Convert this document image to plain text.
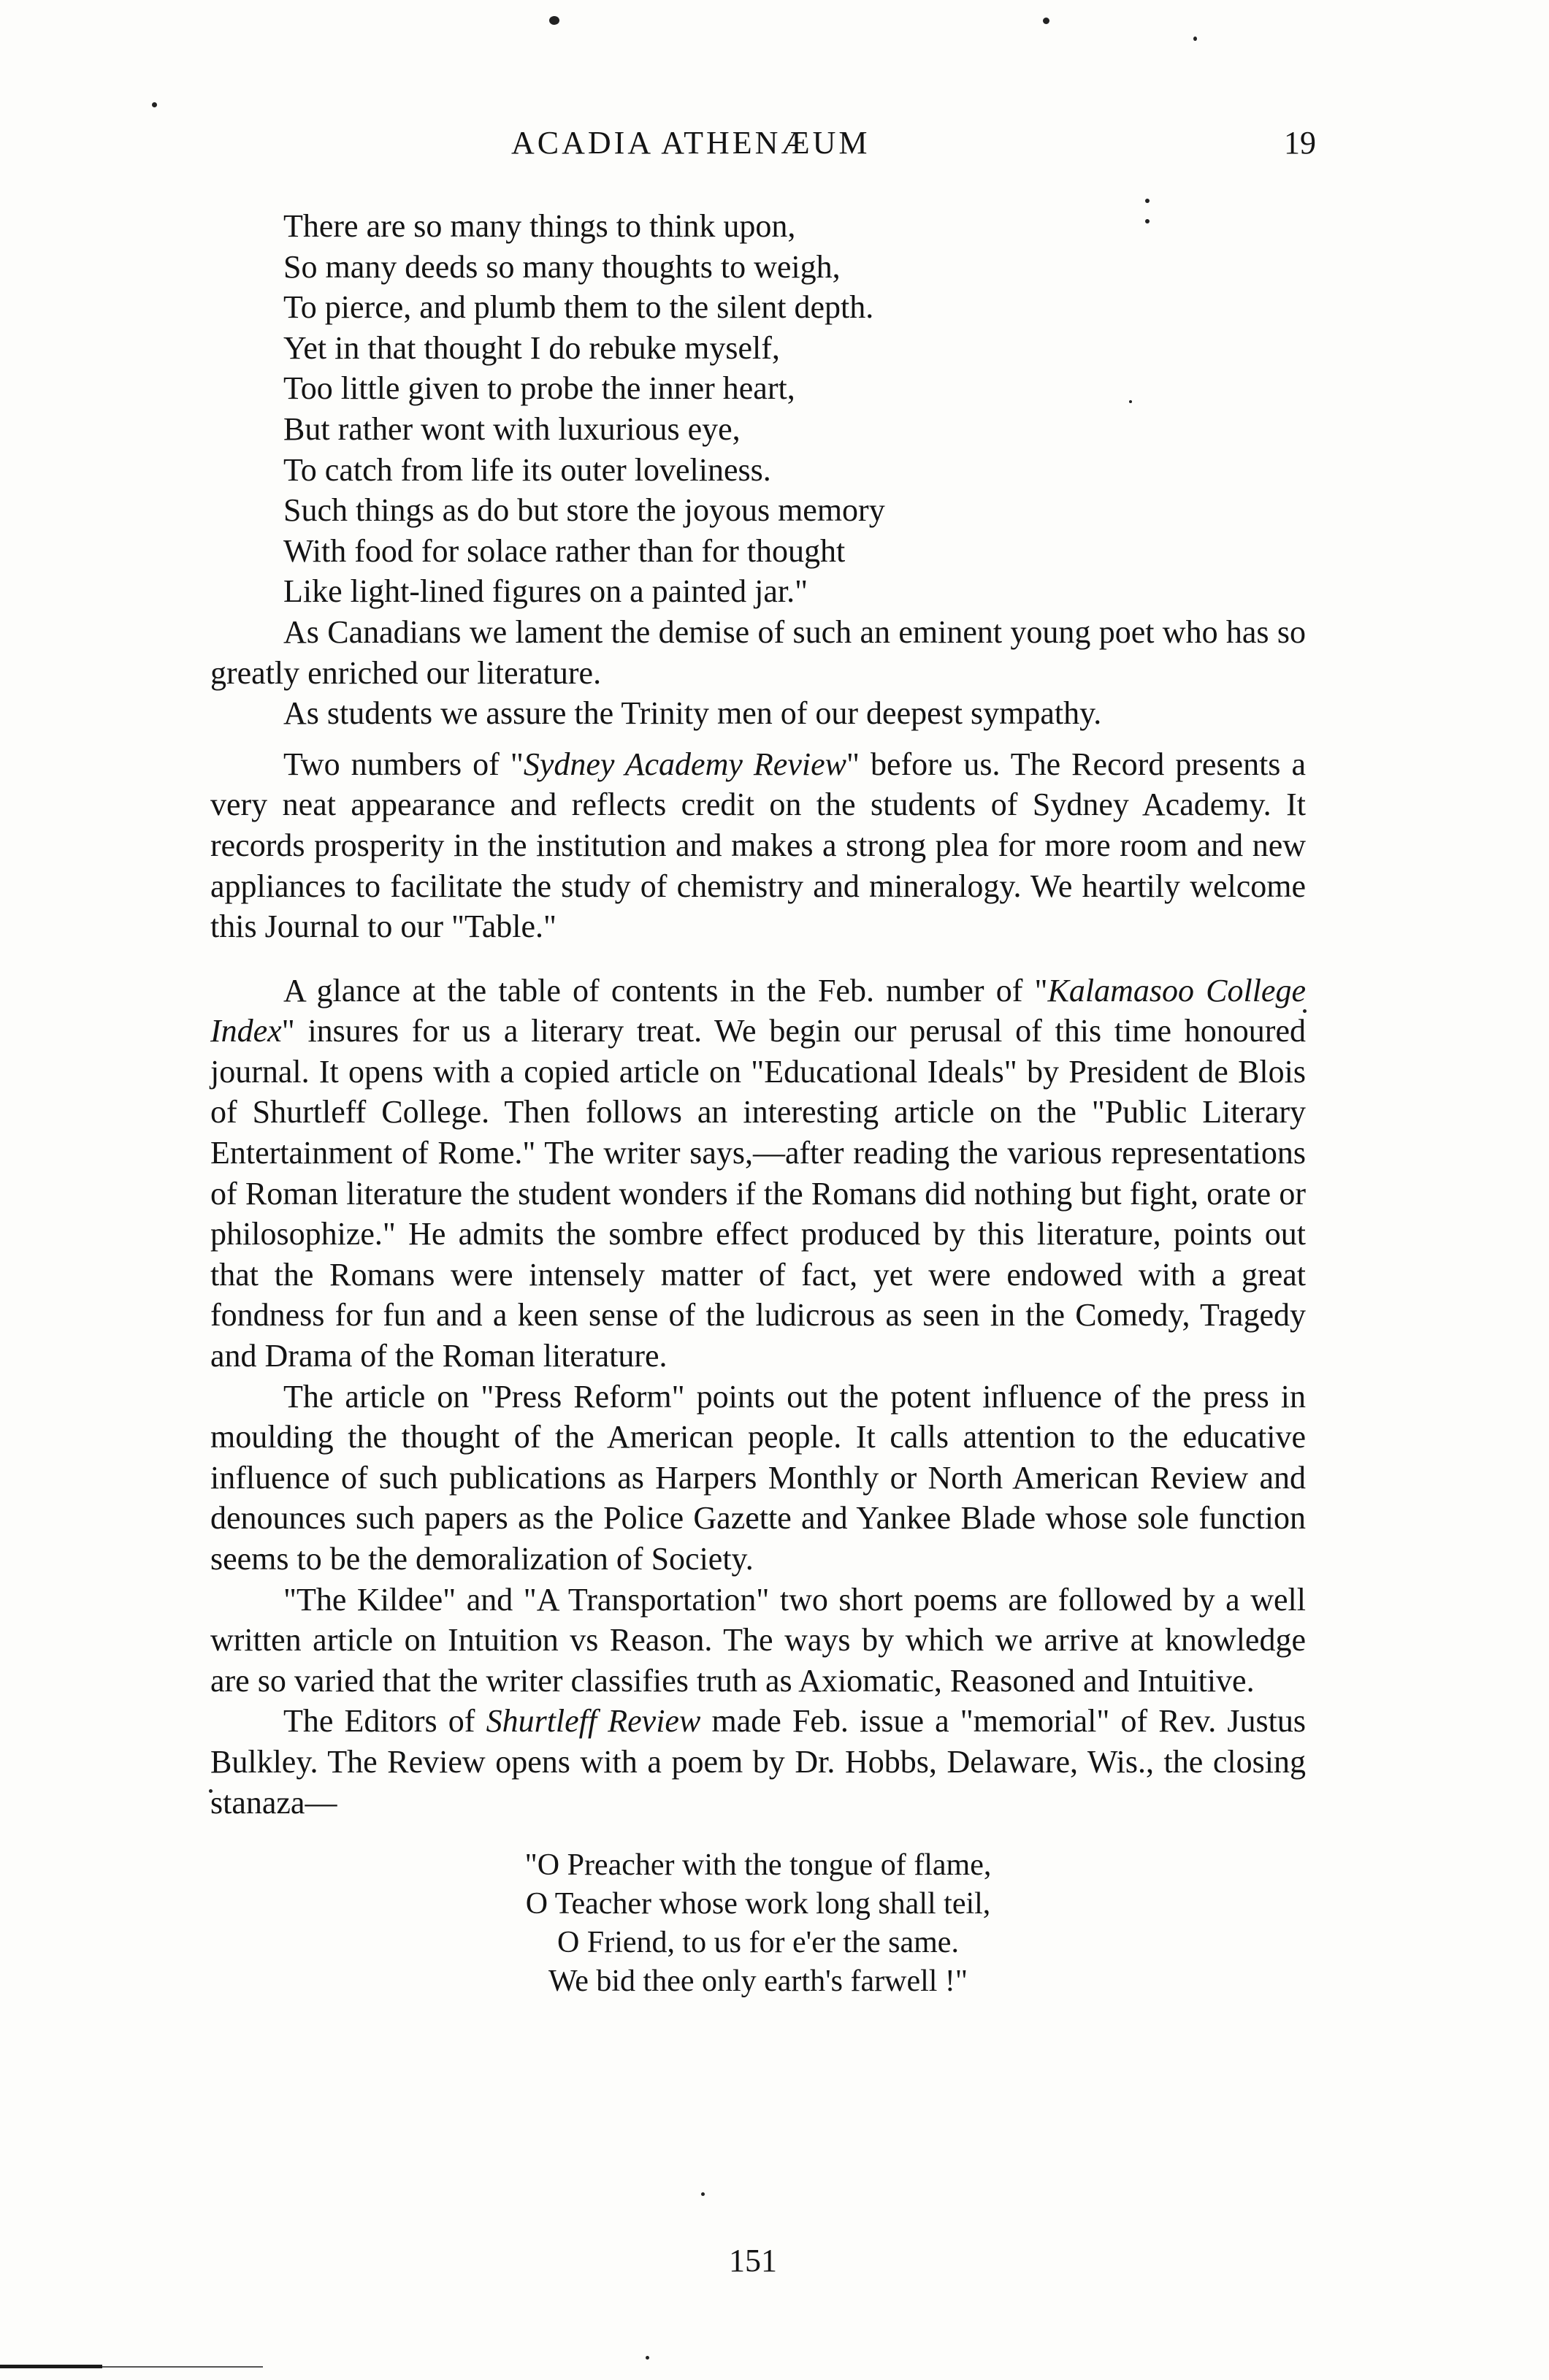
ACADIA ATHENÆUM	19
There are so many things to think upon,
So many deeds so many thoughts to weigh,
To pierce, and plumb them to the silent depth.
Yet in that thought I do rebuke myself,
Too little given to probe the inner heart,
But rather wont with luxurious eye,
To catch from life its outer loveliness.
Such things as do but store the joyous memory
With food for solace rather than for thought
Like light-lined figures on a painted jar."

As Canadians we lament the demise of such an eminent young poet who has so greatly enriched our literature.

As students we assure the Trinity men of our deepest sympathy.

Two numbers of "Sydney Academy Review" before us. The Record presents a very neat appearance and reflects credit on the students of Sydney Academy. It records prosperity in the institution and makes a strong plea for more room and new appliances to facilitate the study of chemistry and mineralogy. We heartily welcome this Journal to our "Table."

A glance at the table of contents in the Feb. number of "Kalamasoo College Index" insures for us a literary treat. We begin our perusal of this time honoured journal. It opens with a copied article on "Educational Ideals" by President de Blois of Shurtleff College. Then follows an interesting article on the "Public Literary Entertainment of Rome." The writer says,—after reading the various representations of Roman literature the student wonders if the Romans did nothing but fight, orate or philosophize." He admits the sombre effect produced by this literature, points out that the Romans were intensely matter of fact, yet were endowed with a great fondness for fun and a keen sense of the ludicrous as seen in the Comedy, Tragedy and Drama of the Roman literature.

The article on "Press Reform" points out the potent influence of the press in moulding the thought of the American people. It calls attention to the educative influence of such publications as Harpers Monthly or North American Review and denounces such papers as the Police Gazette and Yankee Blade whose sole function seems to be the demoralization of Society.

"The Kildee" and "A Transportation" two short poems are followed by a well written article on Intuition vs Reason. The ways by which we arrive at knowledge are so varied that the writer classifies truth as Axiomatic, Reasoned and Intuitive.

The Editors of Shurtleff Review made Feb. issue a "memorial" of Rev. Justus Bulkley. The Review opens with a poem by Dr. Hobbs, Delaware, Wis., the closing stanaza—

"O Preacher with the tongue of flame,
O Teacher whose work long shall teil,
O Friend, to us for e'er the same.
We bid thee only earth's farwell !"
151
